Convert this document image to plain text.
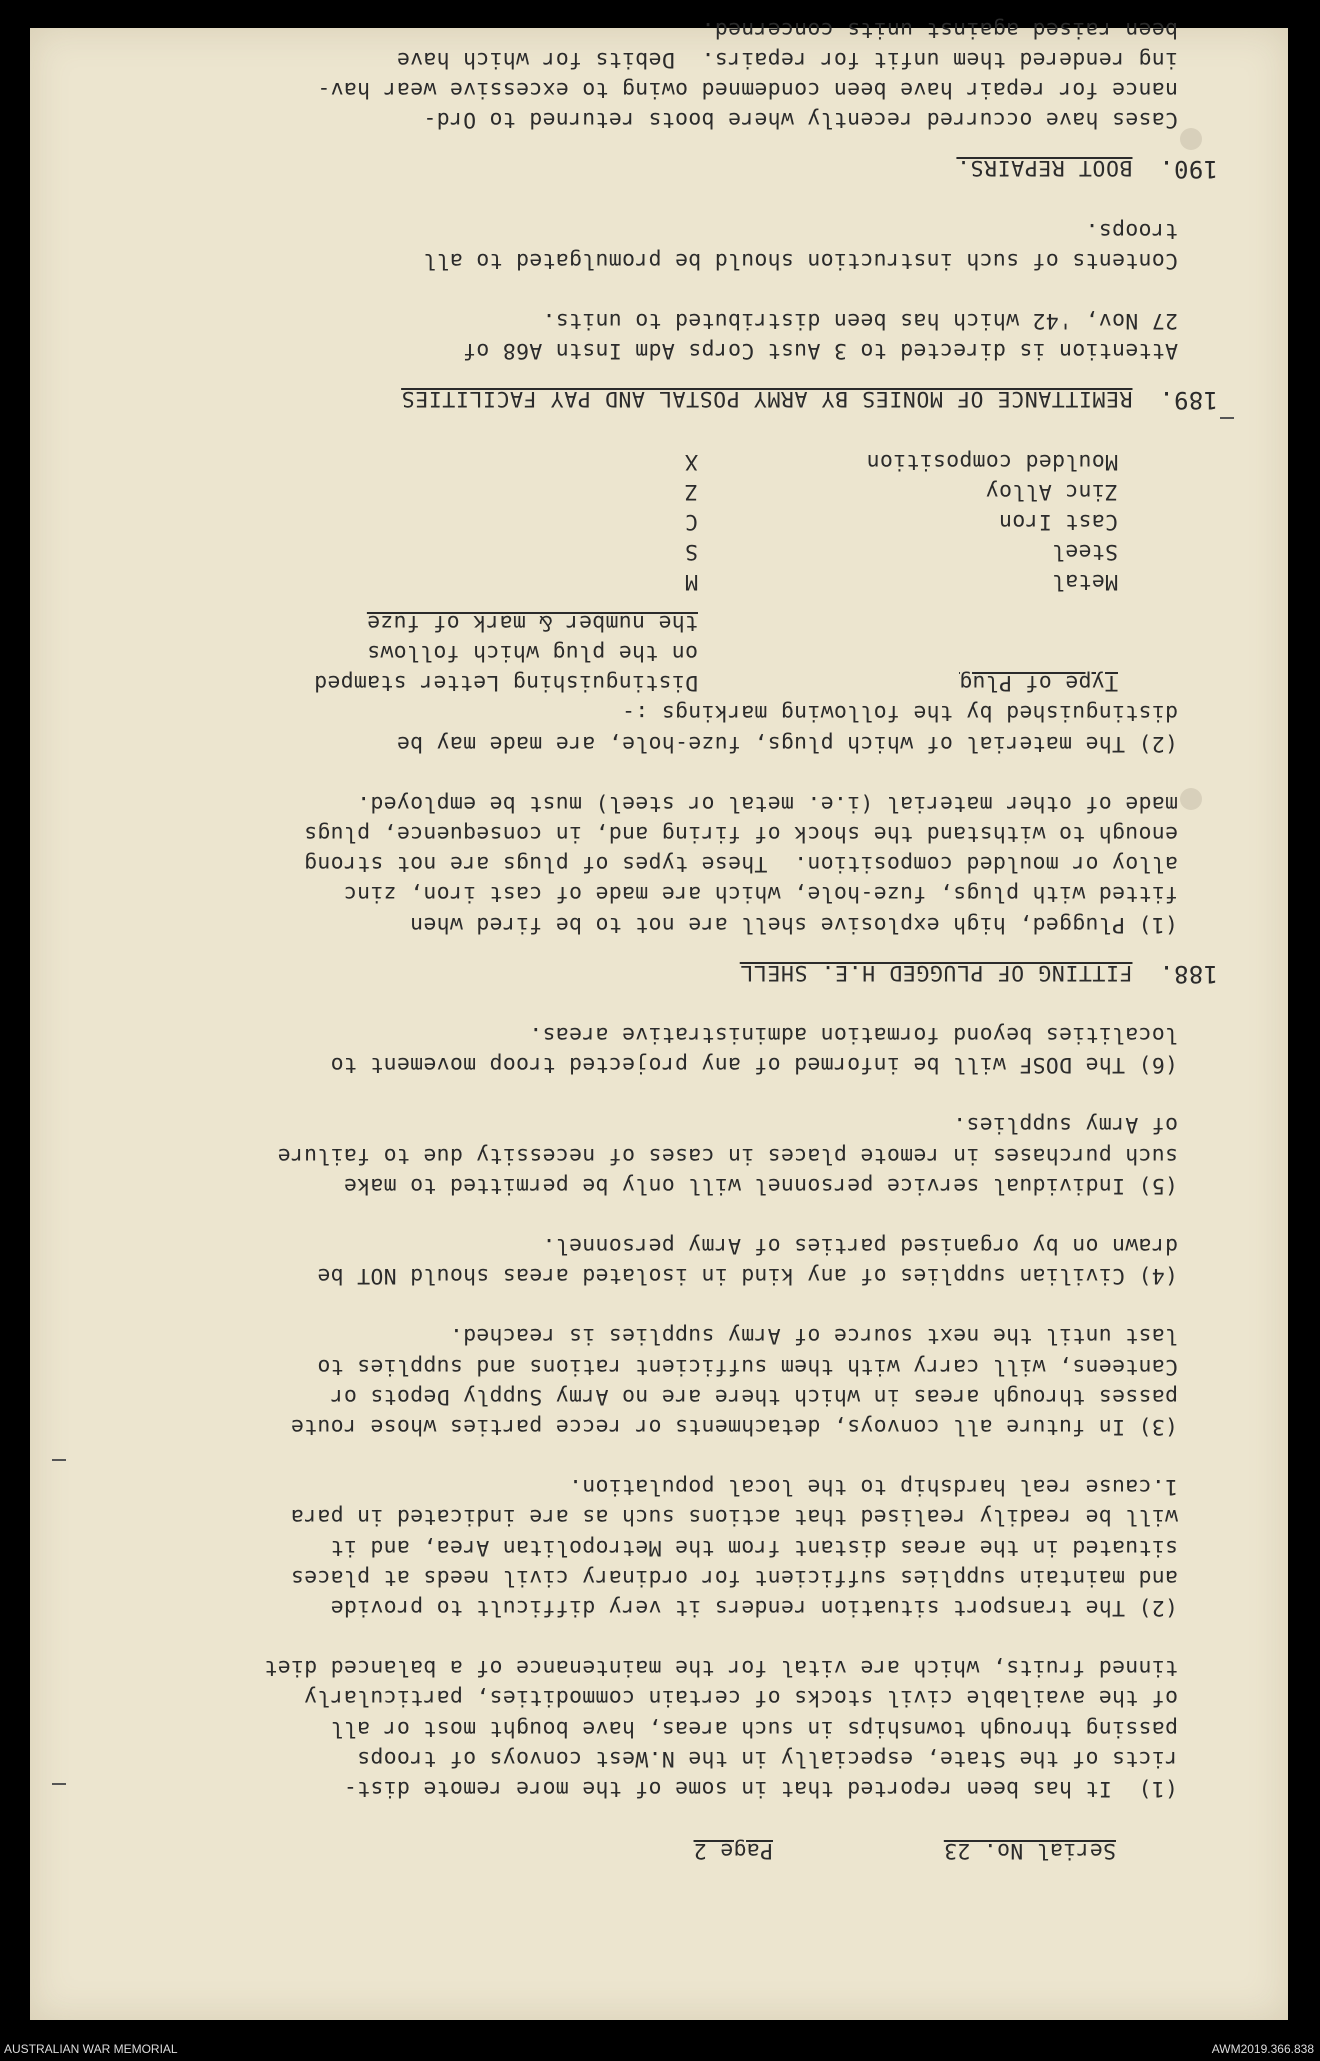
Serial No. 23
Page 2

(1)  It has been reported that in some of the more remote dist-

ricts of the State, especially in the N.West convoys of troops

passing through townships in such areas, have bought most or all

of the available civil stocks of certain commodities, particularly

tinned fruits, which are vital for the maintenance of a balanced diet

(2) The transport situation renders it very difficult to provide

and maintain supplies sufficient for ordinary civil needs at places

situated in the areas distant from the Metropolitan Area, and it

will be readily realised that actions such as are indicated in para

1.cause real hardship to the local population.

(3) In future all convoys, detachments or recce parties whose route

passes through areas in which there are no Army Supply Depots or

Canteens, will carry with them sufficient rations and supplies to

last until the next source of Army supplies is reached.

(4) Civilian supplies of any kind in isolated areas should NOT be

drawn on by organised parties of Army personnel.

(5) Individual service personnel will only be permitted to make

such purchases in remote places in cases of necessity due to failure

of Army supplies.

(6) The DOSF will be informed of any projected troop movement to

localities beyond formation administrative areas.

188.  FITTING OF PLUGGED H.E. SHELL

(1) Plugged, high explosive shell are not to be fired when

fitted with plugs, fuze-hole, which are made of cast iron, zinc

alloy or moulded composition.  These types of plugs are not strong

enough to withstand the shock of firing and, in consequence, plugs

made of other material (i.e. metal or steel) must be employed.

(2) The material of which plugs, fuze-hole, are made may be

distinguished by the following markings :-

Type of Plug	Distinguishing Letter stamped
on the plug which follows
the number & mark of fuze

Metal	M
Steel	S
Cast Iron	C
Zinc Alloy	Z
Moulded composition	X
189.  REMITTANCE OF MONIES BY ARMY POSTAL AND PAY FACILITIES

Attention is directed to 3 Aust Corps Adm Instn A68 of

27 Nov, '42 which has been distributed to units.

Contents of such instruction should be promulgated to all

troops.

190.  BOOT REPAIRS.

Cases have occurred recently where boots returned to Ord-

nance for repair have been condemned owing to excessive wear hav-

ing rendered them unfit for repairs.  Debits for which have

been raised against units concerned.

AUSTRALIAN WAR MEMORIAL	AWM2019.366.838
